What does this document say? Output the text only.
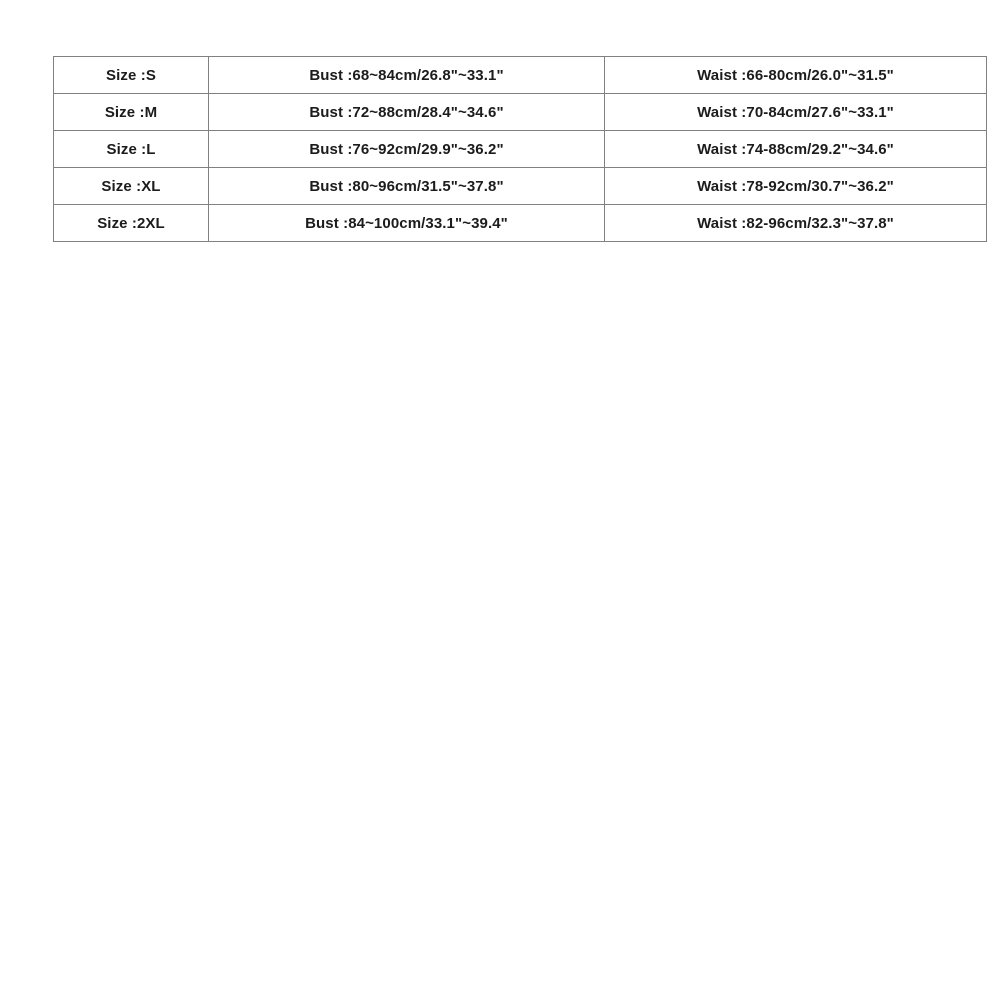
Size :S	Bust :68~84cm/26.8"~33.1"	Waist :66-80cm/26.0"~31.5"
Size :M	Bust :72~88cm/28.4"~34.6"	Waist :70-84cm/27.6"~33.1"
Size :L	Bust :76~92cm/29.9"~36.2"	Waist :74-88cm/29.2"~34.6"
Size :XL	Bust :80~96cm/31.5"~37.8"	Waist :78-92cm/30.7"~36.2"
Size :2XL	Bust :84~100cm/33.1"~39.4"	Waist :82-96cm/32.3"~37.8"
